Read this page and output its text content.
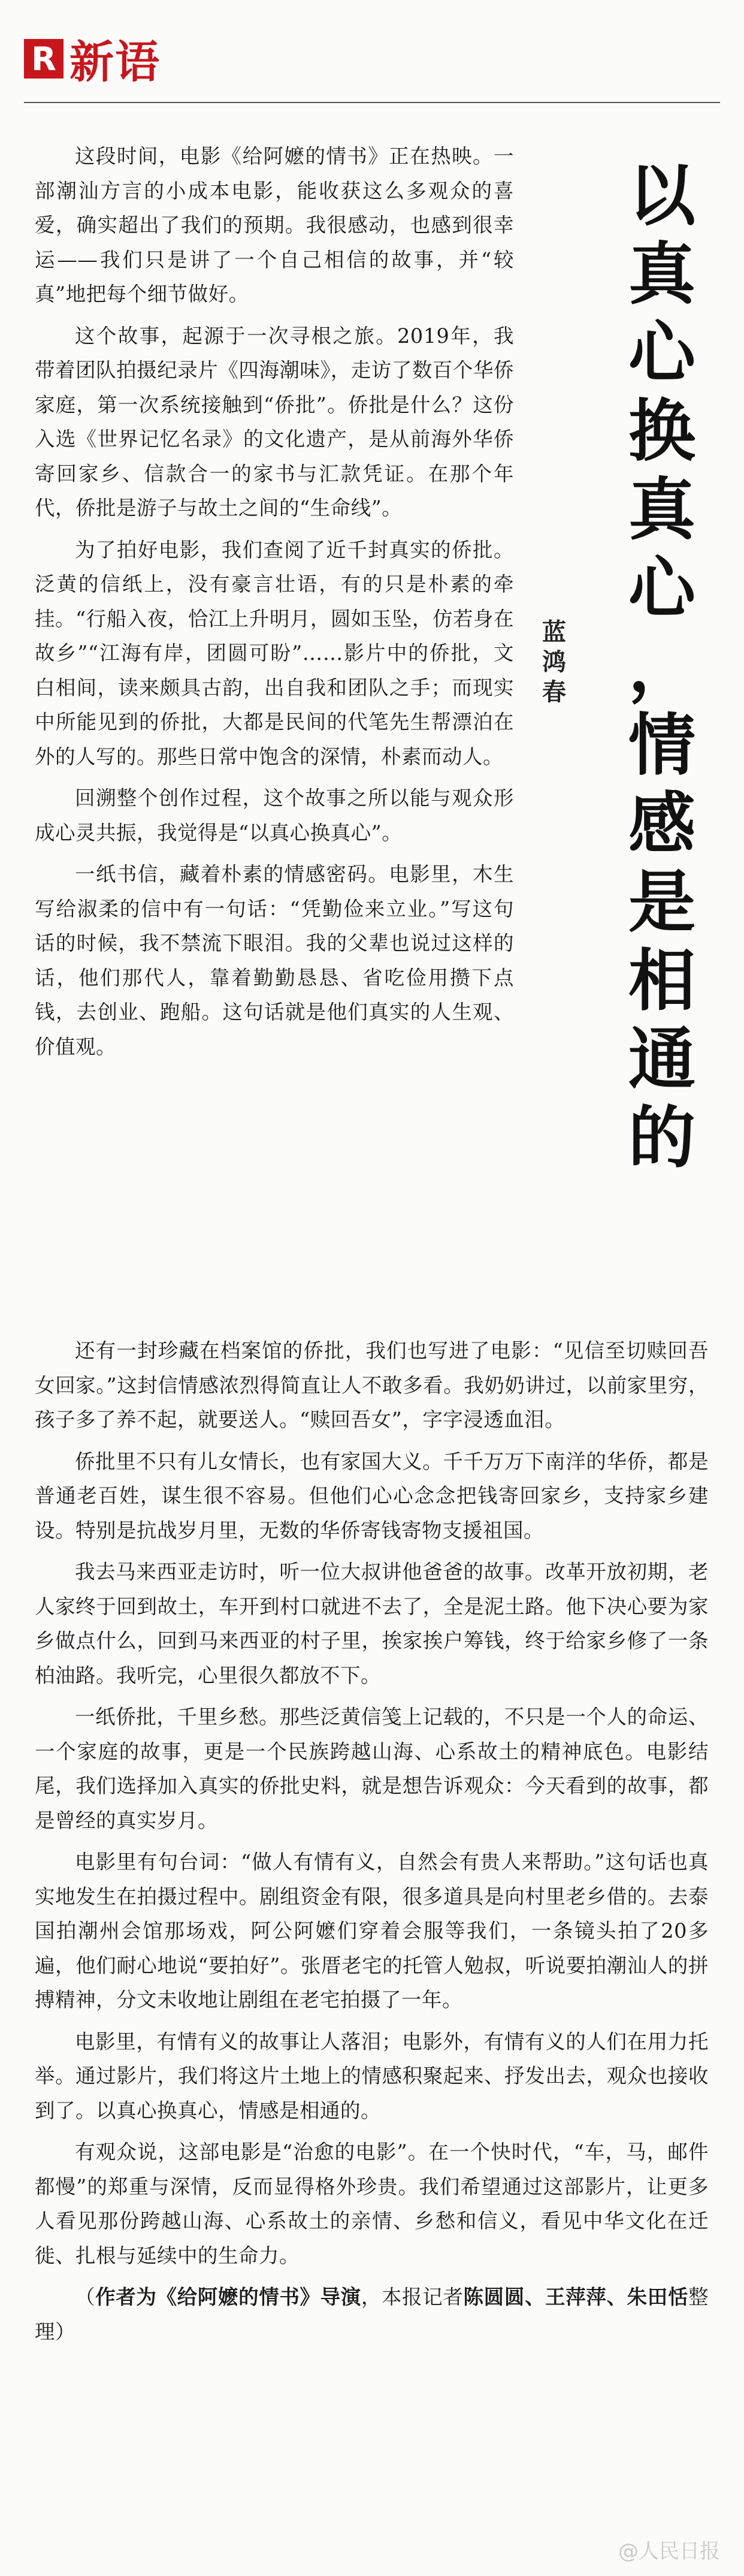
R 新语
以
真
心
换
真
心
，
情
感
是
相
通
的
蓝
鸿
春

这段时间，电影《给阿嬷的情书》正在热映。一部潮汕方言的小成本电影，能收获这么多观众的喜爱，确实超出了我们的预期。我很感动，也感到很幸运——我们只是讲了一个自己相信的故事，并“较真”地把每个细节做好。

这个故事，起源于一次寻根之旅。2019年，我带着团队拍摄纪录片《四海潮味》，走访了数百个华侨家庭，第一次系统接触到“侨批”。侨批是什么？这份入选《世界记忆名录》的文化遗产，是从前海外华侨寄回家乡、信款合一的家书与汇款凭证。在那个年代，侨批是游子与故土之间的“生命线”。

为了拍好电影，我们查阅了近千封真实的侨批。泛黄的信纸上，没有豪言壮语，有的只是朴素的牵挂。“行船入夜，恰江上升明月，圆如玉坠，仿若身在故乡”“江海有岸，团圆可盼”……影片中的侨批，文白相间，读来颇具古韵，出自我和团队之手；而现实中所能见到的侨批，大都是民间的代笔先生帮漂泊在外的人写的。那些日常中饱含的深情，朴素而动人。

回溯整个创作过程，这个故事之所以能与观众形成心灵共振，我觉得是“以真心换真心”。

一纸书信，藏着朴素的情感密码。电影里，木生写给淑柔的信中有一句话：“凭勤俭来立业。”写这句话的时候，我不禁流下眼泪。我的父辈也说过这样的话，他们那代人，靠着勤勤恳恳、省吃俭用攒下点钱，去创业、跑船。这句话就是他们真实的人生观、价值观。

还有一封珍藏在档案馆的侨批，我们也写进了电影：“见信至切赎回吾女回家。”这封信情感浓烈得简直让人不敢多看。我奶奶讲过，以前家里穷，孩子多了养不起，就要送人。“赎回吾女”，字字浸透血泪。

侨批里不只有儿女情长，也有家国大义。千千万万下南洋的华侨，都是普通老百姓，谋生很不容易。但他们心心念念把钱寄回家乡，支持家乡建设。特别是抗战岁月里，无数的华侨寄钱寄物支援祖国。

我去马来西亚走访时，听一位大叔讲他爸爸的故事。改革开放初期，老人家终于回到故土，车开到村口就进不去了，全是泥土路。他下决心要为家乡做点什么，回到马来西亚的村子里，挨家挨户筹钱，终于给家乡修了一条柏油路。我听完，心里很久都放不下。

一纸侨批，千里乡愁。那些泛黄信笺上记载的，不只是一个人的命运、一个家庭的故事，更是一个民族跨越山海、心系故土的精神底色。电影结尾，我们选择加入真实的侨批史料，就是想告诉观众：今天看到的故事，都是曾经的真实岁月。

电影里有句台词：“做人有情有义，自然会有贵人来帮助。”这句话也真实地发生在拍摄过程中。剧组资金有限，很多道具是向村里老乡借的。去泰国拍潮州会馆那场戏，阿公阿嬷们穿着会服等我们，一条镜头拍了20多遍，他们耐心地说“要拍好”。张厝老宅的托管人勉叔，听说要拍潮汕人的拼搏精神，分文未收地让剧组在老宅拍摄了一年。

电影里，有情有义的故事让人落泪；电影外，有情有义的人们在用力托举。通过影片，我们将这片土地上的情感积聚起来、抒发出去，观众也接收到了。以真心换真心，情感是相通的。

有观众说，这部电影是“治愈的电影”。在一个快时代，“车，马，邮件都慢”的郑重与深情，反而显得格外珍贵。我们希望通过这部影片，让更多人看见那份跨越山海、心系故土的亲情、乡愁和信义，看见中华文化在迁徙、扎根与延续中的生命力。

（作者为《给阿嬷的情书》导演，本报记者陈圆圆、王萍萍、朱田恬整理）

@人民日报
